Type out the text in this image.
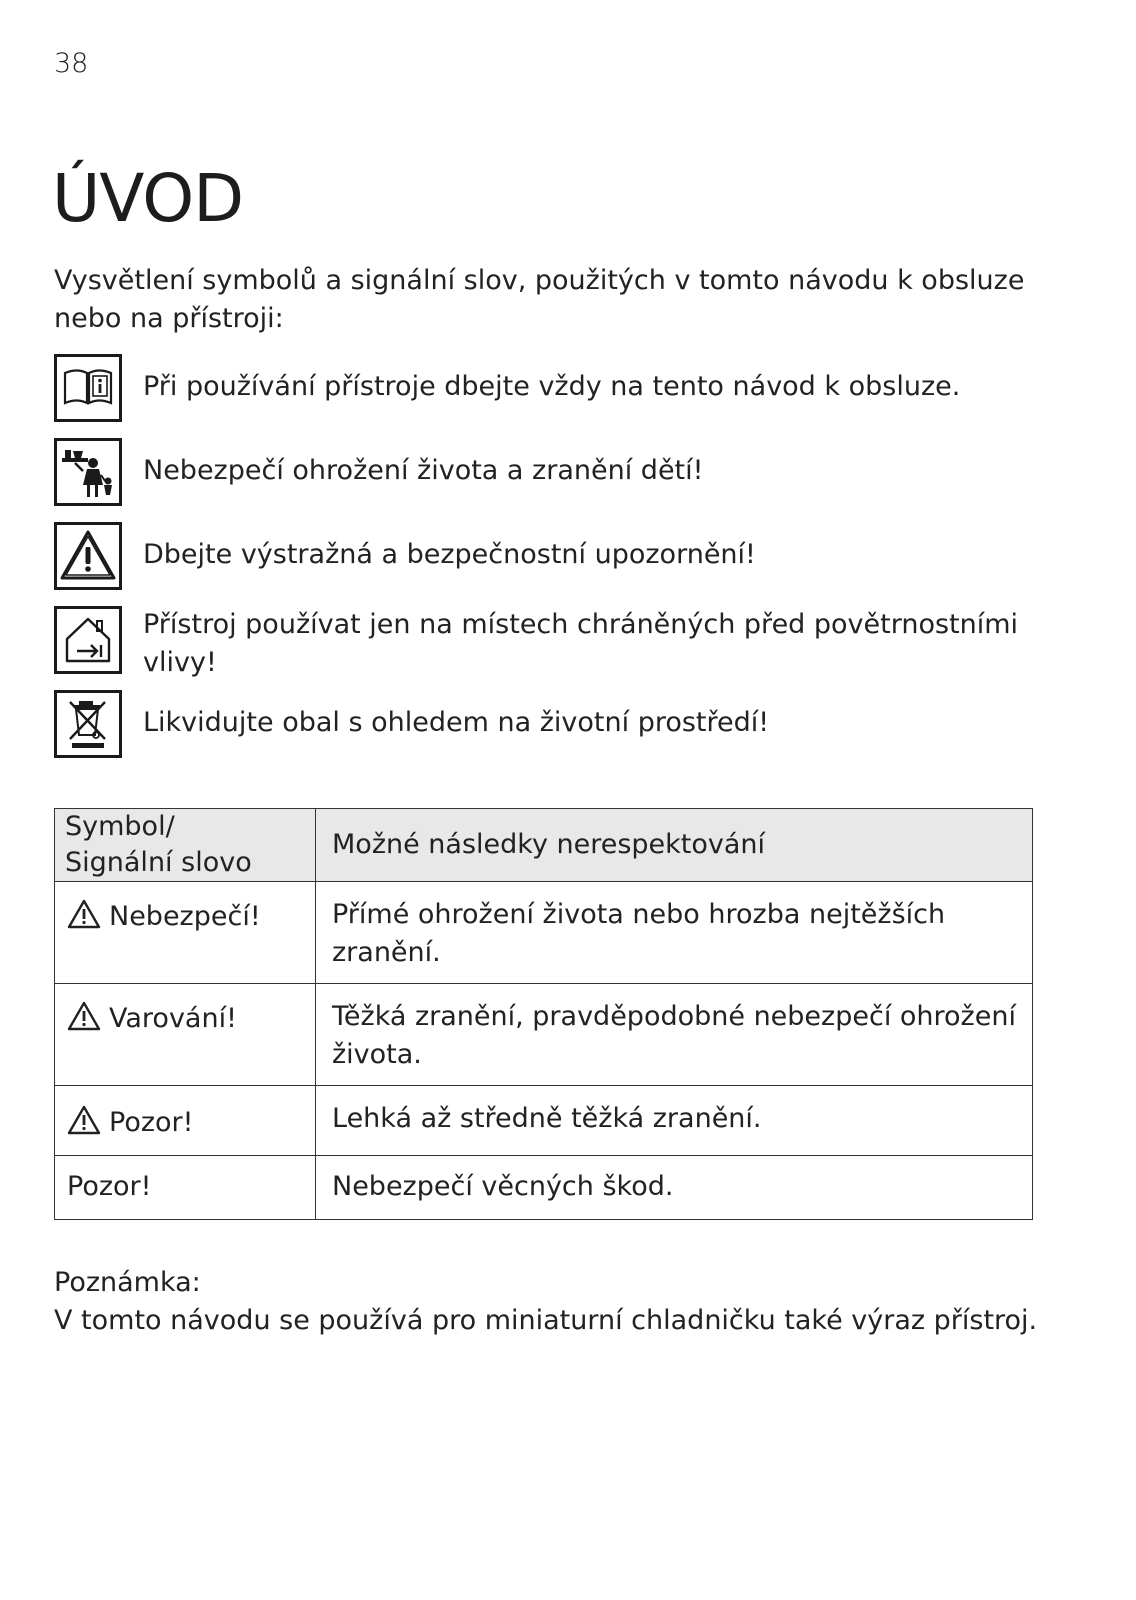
38
ÚVOD
Vysvětlení symbolů a signální slov, použitých v tomto návodu k obsluze nebo na přístroji:
Při používání přístroje dbejte vždy na tento návod k obsluze.
Nebezpečí ohrožení života a zranění dětí!
Dbejte výstražná a bezpečnostní upozornění!
Přístroj používat jen na místech chráněných před povětrnostními vlivy!
Likvidujte obal s ohledem na životní prostředí!
Symbol/
Signální slovo	Možné následky nerespektování

Nebezpečí!	Přímé ohrožení života nebo hrozba nejtěžších zranění.

Varování!	Těžká zranění, pravděpodobné nebezpečí ohrožení života.

Pozor!	Lehká až středně těžká zranění.

Pozor!	Nebezpečí věcných škod.
Poznámka:
V tomto návodu se používá pro miniaturní chladničku také výraz přístroj.
